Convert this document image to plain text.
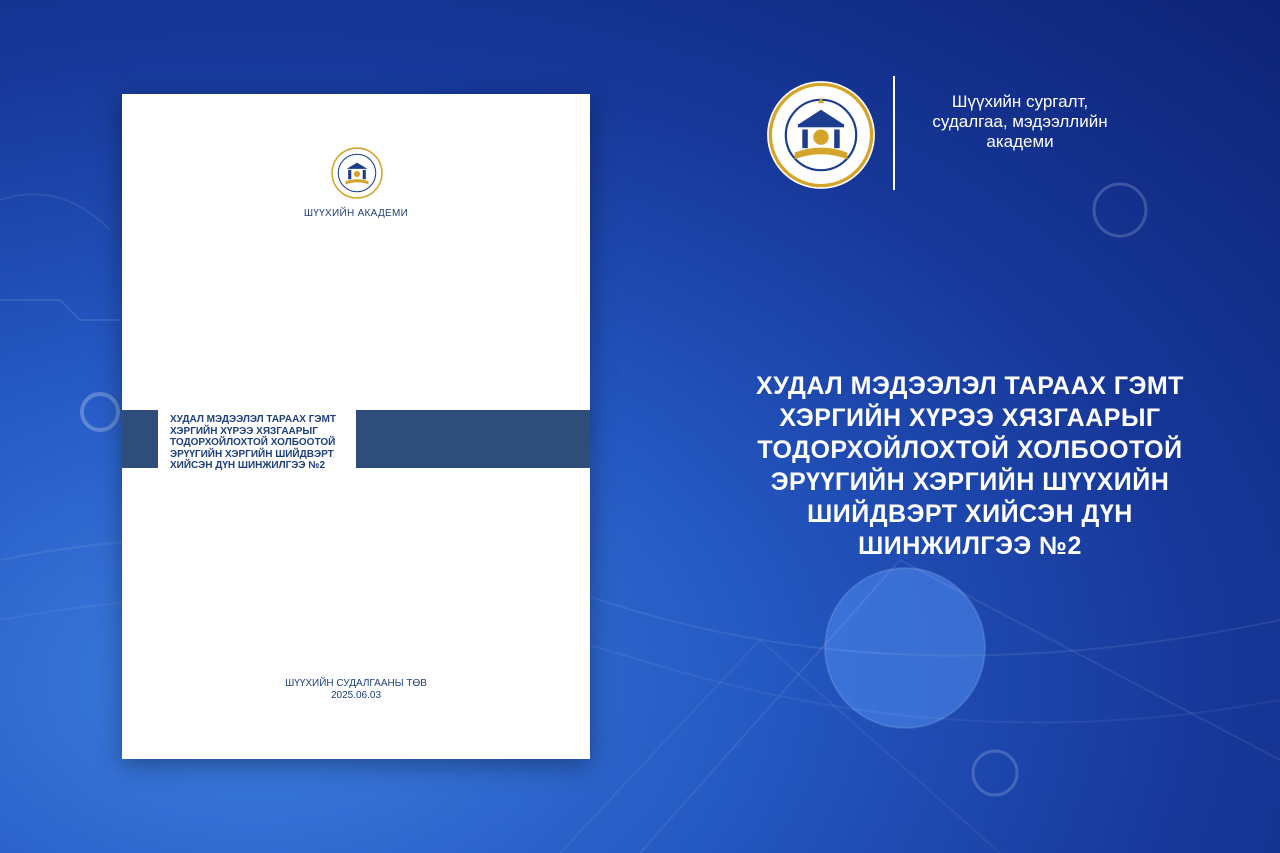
ШҮҮХИЙН АКАДЕМИ
ХУДАЛ МЭДЭЭЛЭЛ ТАРААХ ГЭМТ
ХЭРГИЙН ХҮРЭЭ ХЯЗГААРЫГ
ТОДОРХОЙЛОХТОЙ ХОЛБООТОЙ
ЭРҮҮГИЙН ХЭРГИЙН ШИЙДВЭРТ
ХИЙСЭН ДҮН ШИНЖИЛГЭЭ №2
ШҮҮХИЙН СУДАЛГААНЫ ТӨВ
2025.06.03
Шүүхийн сургалт,
судалгаа, мэдээллийн
академи
ХУДАЛ МЭДЭЭЛЭЛ ТАРААХ ГЭМТ
ХЭРГИЙН ХҮРЭЭ ХЯЗГААРЫГ
ТОДОРХОЙЛОХТОЙ ХОЛБООТОЙ
ЭРҮҮГИЙН ХЭРГИЙН ШҮҮХИЙН
ШИЙДВЭРТ ХИЙСЭН ДҮН
ШИНЖИЛГЭЭ №2
